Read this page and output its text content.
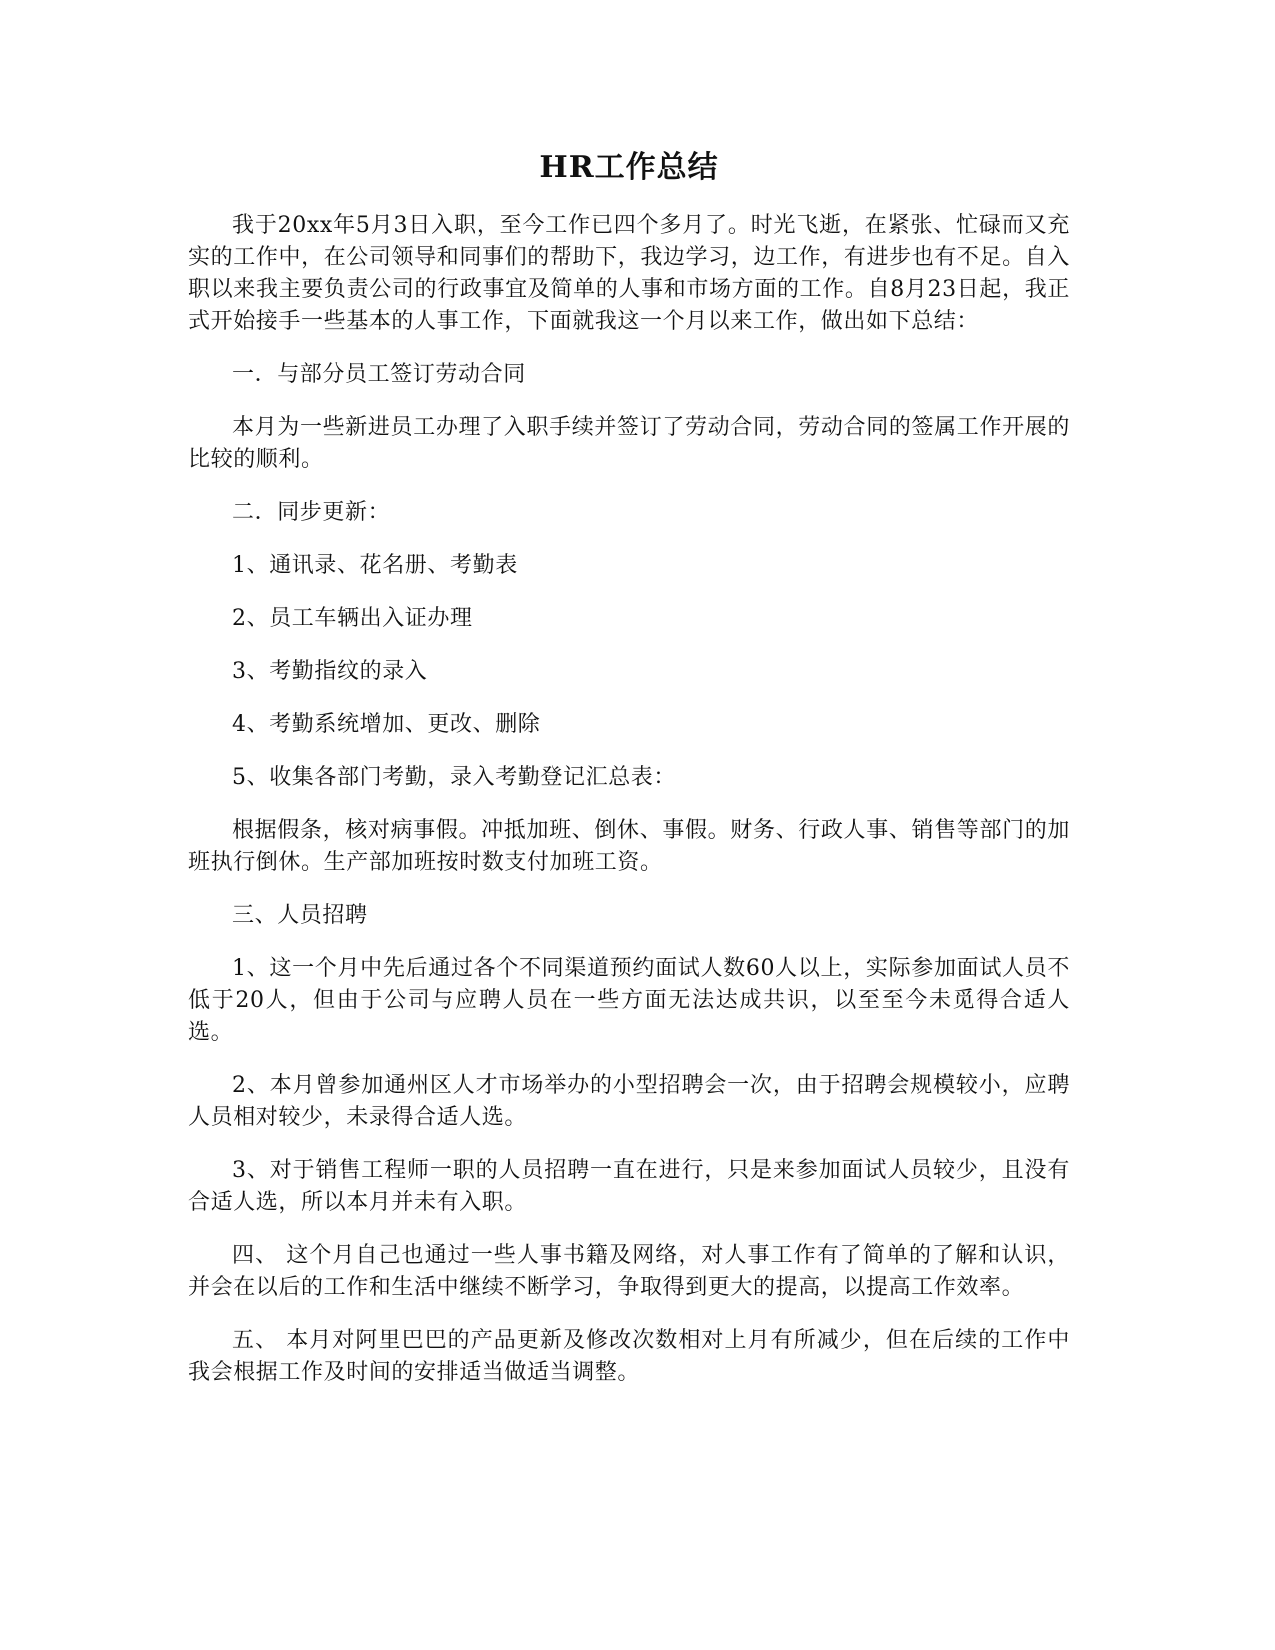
HR工作总结

我于20xx年5月3日入职，至今工作已四个多月了。时光飞逝，在紧张、忙碌而又充实的工作中，在公司领导和同事们的帮助下，我边学习，边工作，有进步也有不足。自入职以来我主要负责公司的行政事宜及简单的人事和市场方面的工作。自8月23日起，我正式开始接手一些基本的人事工作，下面就我这一个月以来工作，做出如下总结：

一．与部分员工签订劳动合同

本月为一些新进员工办理了入职手续并签订了劳动合同，劳动合同的签属工作开展的比较的顺利。

二．同步更新：

1、通讯录、花名册、考勤表

2、员工车辆出入证办理

3、考勤指纹的录入

4、考勤系统增加、更改、删除

5、收集各部门考勤，录入考勤登记汇总表：

根据假条，核对病事假。冲抵加班、倒休、事假。财务、行政人事、销售等部门的加班执行倒休。生产部加班按时数支付加班工资。

三、人员招聘

1、这一个月中先后通过各个不同渠道预约面试人数60人以上，实际参加面试人员不低于20人，但由于公司与应聘人员在一些方面无法达成共识，以至至今未觅得合适人选。

2、本月曾参加通州区人才市场举办的小型招聘会一次，由于招聘会规模较小，应聘人员相对较少，未录得合适人选。

3、对于销售工程师一职的人员招聘一直在进行，只是来参加面试人员较少，且没有合适人选，所以本月并未有入职。

四、 这个月自己也通过一些人事书籍及网络，对人事工作有了简单的了解和认识，并会在以后的工作和生活中继续不断学习，争取得到更大的提高，以提高工作效率。

五、 本月对阿里巴巴的产品更新及修改次数相对上月有所减少，但在后续的工作中我会根据工作及时间的安排适当做适当调整。
